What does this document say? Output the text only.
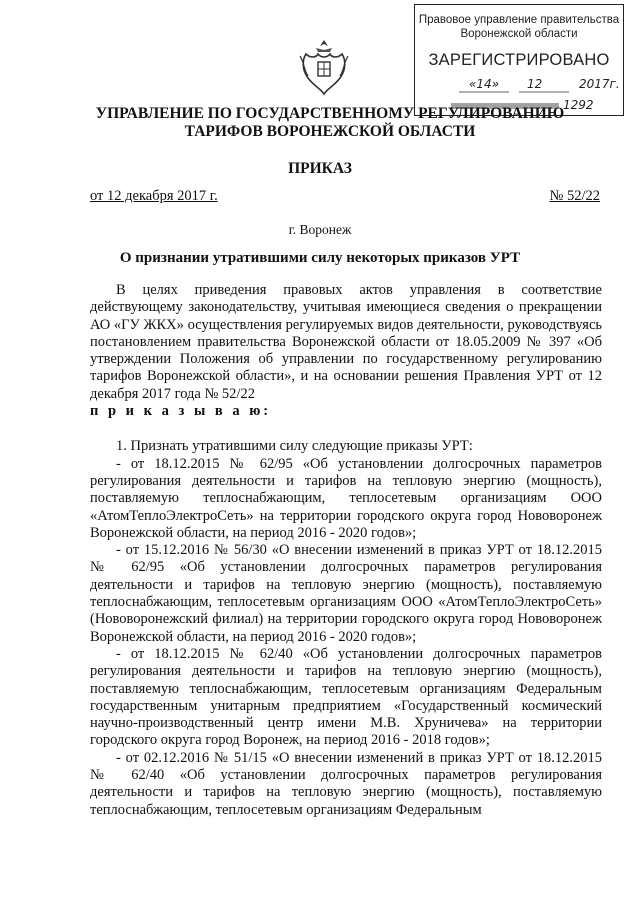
Правовое управление правительства
Воронежской области
ЗАРЕГИСТРИРОВАНО
«14» 12	2017г.
1292
УПРАВЛЕНИЕ ПО ГОСУДАРСТВЕННОМУ РЕГУЛИРОВАНИЮ
ТАРИФОВ ВОРОНЕЖСКОЙ ОБЛАСТИ
ПРИКАЗ
от 12 декабря 2017 г.	№ 52/22
г. Воронеж
О признании утратившими силу некоторых приказов УРТ

В целях приведения правовых актов управления в соответствие действующему законодательству, учитывая имеющиеся сведения о прекращении АО «ГУ ЖКХ» осуществления регулируемых видов деятельности, руководствуясь постановлением правительства Воронежской области от 18.05.2009 № 397 «Об утверждении Положения об управлении по государственному регулированию тарифов Воронежской области», и на основании решения Правления УРТ от 12 декабря 2017 года № 52/22

п р и к а з ы в а ю:

1. Признать утратившими силу следующие приказы УРТ:

- от 18.12.2015 № 62/95 «Об установлении долгосрочных параметров регулирования деятельности и тарифов на тепловую энергию (мощность), поставляемую теплоснабжающим, теплосетевым организациям ООО «АтомТеплоЭлектроСеть» на территории городского округа город Нововоронеж Воронежской области, на период 2016 - 2020 годов»;

- от 15.12.2016 № 56/30 «О внесении изменений в приказ УРТ от 18.12.2015 № 62/95 «Об установлении долгосрочных параметров регулирования деятельности и тарифов на тепловую энергию (мощность), поставляемую теплоснабжающим, теплосетевым организациям ООО «АтомТеплоЭлектроСеть» (Нововоронежский филиал) на территории городского округа город Нововоронеж Воронежской области, на период 2016 - 2020 годов»;

- от 18.12.2015 № 62/40 «Об установлении долгосрочных параметров регулирования деятельности и тарифов на тепловую энергию (мощность), поставляемую теплоснабжающим, теплосетевым организациям Федеральным государственным унитарным предприятием «Государственный космический научно-производственный центр имени М.В. Хруничева» на территории городского округа город Воронеж, на период 2016 - 2018 годов»;

- от 02.12.2016 № 51/15 «О внесении изменений в приказ УРТ от 18.12.2015 № 62/40 «Об установлении долгосрочных параметров регулирования деятельности и тарифов на тепловую энергию (мощность), поставляемую теплоснабжающим, теплосетевым организациям Федеральным
